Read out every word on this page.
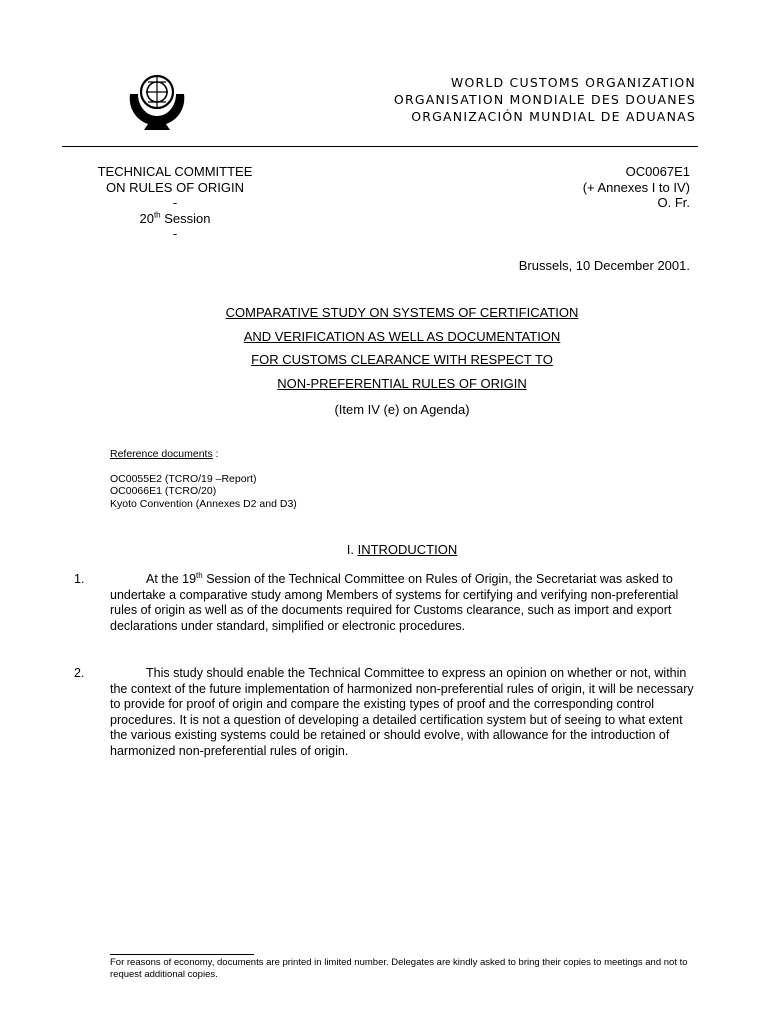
WORLD CUSTOMS ORGANIZATION
ORGANISATION MONDIALE DES DOUANES
ORGANIZACIÓN MUNDIAL DE ADUANAS
TECHNICAL COMMITTEE
ON RULES OF ORIGIN
-
20th Session
-
OC0067E1
(+ Annexes I to IV)
O. Fr.
Brussels, 10 December 2001.
COMPARATIVE STUDY ON SYSTEMS OF CERTIFICATION
AND VERIFICATION AS WELL AS DOCUMENTATION
FOR CUSTOMS CLEARANCE WITH RESPECT TO
NON-PREFERENTIAL RULES OF ORIGIN
(Item IV (e) on Agenda)
Reference documents :
OC0055E2 (TCRO/19 –Report)
OC0066E1 (TCRO/20)
Kyoto Convention (Annexes D2 and D3)
I. INTRODUCTION
1.	At the 19th Session of the Technical Committee on Rules of Origin, the Secretariat was asked to undertake a comparative study among Members of systems for certifying and verifying non-preferential rules of origin as well as of the documents required for Customs clearance, such as import and export declarations under standard, simplified or electronic procedures.
2.	This study should enable the Technical Committee to express an opinion on whether or not, within the context of the future implementation of harmonized non-preferential rules of origin, it will be necessary to provide for proof of origin and compare the existing types of proof and the corresponding control procedures. It is not a question of developing a detailed certification system but of seeing to what extent the various existing systems could be retained or should evolve, with allowance for the introduction of harmonized non-preferential rules of origin.
For reasons of economy, documents are printed in limited number. Delegates are kindly asked to bring their copies to meetings and not to request additional copies.
